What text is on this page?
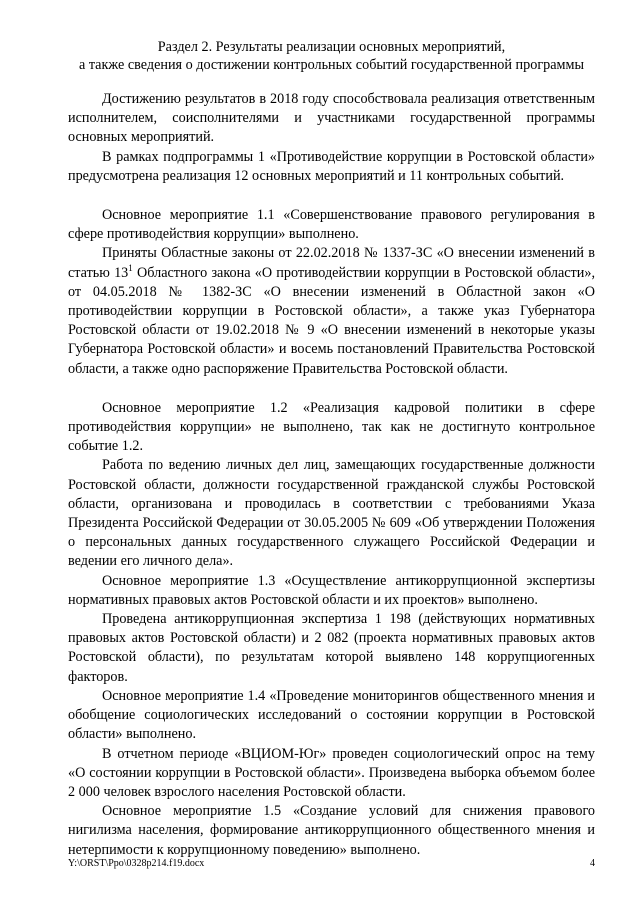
Раздел 2. Результаты реализации основных мероприятий,
а также сведения о достижении контрольных событий государственной программы

Достижению результатов в 2018 году способствовала реализация ответственным исполнителем, соисполнителями и участниками государственной программы основных мероприятий.

В рамках подпрограммы 1 «Противодействие коррупции в Ростовской области» предусмотрена реализация 12 основных мероприятий и 11 контрольных событий.

Основное мероприятие 1.1 «Совершенствование правового регулирования в сфере противодействия коррупции» выполнено.

Приняты Областные законы от 22.02.2018 № 1337-ЗС «О внесении изменений в статью $13^1$ Областного закона «О противодействии коррупции в Ростовской области», от 04.05.2018 № 1382-ЗС «О внесении изменений в Областной закон «О противодействии коррупции в Ростовской области», а также указ Губернатора Ростовской области от 19.02.2018 № 9 «О внесении изменений в некоторые указы Губернатора Ростовской области» и восемь постановлений Правительства Ростовской области, а также одно распоряжение Правительства Ростовской области.

Основное мероприятие 1.2 «Реализация кадровой политики в сфере противодействия коррупции» не выполнено, так как не достигнуто контрольное событие 1.2.

Работа по ведению личных дел лиц, замещающих государственные должности Ростовской области, должности государственной гражданской службы Ростовской области, организована и проводилась в соответствии с требованиями Указа Президента Российской Федерации от 30.05.2005 № 609 «Об утверждении Положения о персональных данных государственного служащего Российской Федерации и ведении его личного дела».

Основное мероприятие 1.3 «Осуществление антикоррупционной экспертизы нормативных правовых актов Ростовской области и их проектов» выполнено.

Проведена антикоррупционная экспертиза 1 198 (действующих нормативных правовых актов Ростовской области) и 2 082 (проекта нормативных правовых актов Ростовской области), по результатам которой выявлено 148 коррупциогенных факторов.

Основное мероприятие 1.4 «Проведение мониторингов общественного мнения и обобщение социологических исследований о состоянии коррупции в Ростовской области» выполнено.

В отчетном периоде «ВЦИОМ-Юг» проведен социологический опрос на тему «О состоянии коррупции в Ростовской области». Произведена выборка объемом более 2 000 человек взрослого населения Ростовской области.

Основное мероприятие 1.5 «Создание условий для снижения правового нигилизма населения, формирование антикоррупционного общественного мнения и нетерпимости к коррупционному поведению» выполнено.

Y:\ORST\Ppo\0328p214.f19.docx	4
